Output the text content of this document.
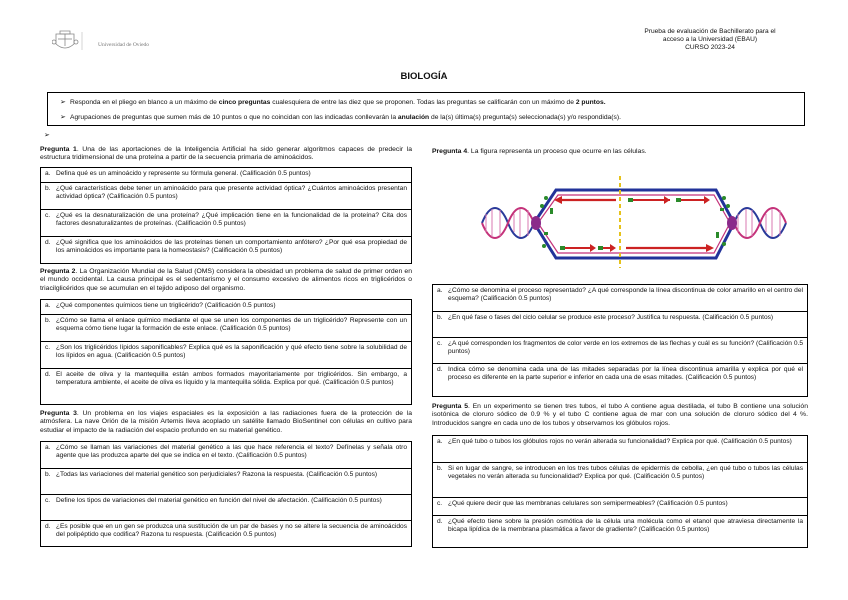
Universidad de Oviedo
Prueba de evaluación de Bachillerato para el
acceso a la Universidad (EBAU)
CURSO 2023-24
BIOLOGÍA
➢ Responda en el pliego en blanco a un máximo de cinco preguntas cualesquiera de entre las diez que se proponen. Todas las preguntas se calificarán con un máximo de 2 puntos.
➢ Agrupaciones de preguntas que sumen más de 10 puntos o que no coincidan con las indicadas conllevarán la anulación de la(s) última(s) pregunta(s) seleccionada(s) y/o respondida(s).
➢
Pregunta 1. Una de las aportaciones de la Inteligencia Artificial ha sido generar algoritmos capaces de predecir la estructura tridimensional de una proteína a partir de la secuencia primaria de aminoácidos.
a. Defina qué es un aminoácido y represente su fórmula general. (Calificación 0.5 puntos)
b. ¿Qué características debe tener un aminoácido para que presente actividad óptica? ¿Cuántos aminoácidos presentan actividad óptica? (Calificación 0.5 puntos)
c. ¿Qué es la desnaturalización de una proteína? ¿Qué implicación tiene en la funcionalidad de la proteína? Cita dos factores desnaturalizantes de proteínas. (Calificación 0.5 puntos)
d. ¿Qué significa que los aminoácidos de las proteínas tienen un comportamiento anfótero? ¿Por qué esa propiedad de los aminoácidos es importante para la homeostasis? (Calificación 0.5 puntos)
Pregunta 2. La Organización Mundial de la Salud (OMS) considera la obesidad un problema de salud de primer orden en el mundo occidental. La causa principal es el sedentarismo y el consumo excesivo de alimentos ricos en triglicéridos o triacilglicéridos que se acumulan en el tejido adiposo del organismo.
a. ¿Qué componentes químicos tiene un triglicérido? (Calificación 0.5 puntos)
b. ¿Cómo se llama el enlace químico mediante el que se unen los componentes de un triglicérido? Represente con un esquema cómo tiene lugar la formación de este enlace. (Calificación 0.5 puntos)
c. ¿Son los triglicéridos lípidos saponificables? Explica qué es la saponificación y qué efecto tiene sobre la solubilidad de los lípidos en agua. (Calificación 0.5 puntos)
d. El aceite de oliva y la mantequilla están ambos formados mayoritariamente por triglicéridos. Sin embargo, a temperatura ambiente, el aceite de oliva es líquido y la mantequilla sólida. Explica por qué. (Calificación 0.5 puntos)
Pregunta 3. Un problema en los viajes espaciales es la exposición a las radiaciones fuera de la protección de la atmósfera. La nave Orión de la misión Artemis lleva acoplado un satélite llamado BioSentinel con células en cultivo para estudiar el impacto de la radiación del espacio profundo en su material genético.
a. ¿Cómo se llaman las variaciones del material genético a las que hace referencia el texto? Defínelas y señala otro agente que las produzca aparte del que se indica en el texto. (Calificación 0.5 puntos)
b. ¿Todas las variaciones del material genético son perjudiciales? Razona la respuesta. (Calificación 0.5 puntos)
c. Define los tipos de variaciones del material genético en función del nivel de afectación. (Calificación 0.5 puntos)
d. ¿Es posible que en un gen se produzca una sustitución de un par de bases y no se altere la secuencia de aminoácidos del polipéptido que codifica? Razona tu respuesta. (Calificación 0.5 puntos)
Pregunta 4. La figura representa un proceso que ocurre en las células.
a. ¿Cómo se denomina el proceso representado? ¿A qué corresponde la línea discontinua de color amarillo en el centro del esquema? (Calificación 0.5 puntos)
b. ¿En qué fase o fases del ciclo celular se produce este proceso? Justifica tu respuesta. (Calificación 0.5 puntos)
c. ¿A qué corresponden los fragmentos de color verde en los extremos de las flechas y cuál es su función? (Calificación 0.5 puntos)
d. Indica cómo se denomina cada una de las mitades separadas por la línea discontinua amarilla y explica por qué el proceso es diferente en la parte superior e inferior en cada una de esas mitades. (Calificación 0.5 puntos)
Pregunta 5. En un experimento se tienen tres tubos, el tubo A contiene agua destilada, el tubo B contiene una solución isotónica de cloruro sódico de 0.9 % y el tubo C contiene agua de mar con una solución de cloruro sódico del 4 %. Introducidos sangre en cada uno de los tubos y observamos los glóbulos rojos.
a. ¿En qué tubo o tubos los glóbulos rojos no verán alterada su funcionalidad? Explica por qué. (Calificación 0.5 puntos)
b. Si en lugar de sangre, se introducen en los tres tubos células de epidermis de cebolla, ¿en qué tubo o tubos las células vegetales no verán alterada su funcionalidad? Explica por qué. (Calificación 0.5 puntos)
c. ¿Qué quiere decir que las membranas celulares son semipermeables? (Calificación 0.5 puntos)
d. ¿Qué efecto tiene sobre la presión osmótica de la célula una molécula como el etanol que atraviesa directamente la bicapa lipídica de la membrana plasmática a favor de gradiente? (Calificación 0.5 puntos)
